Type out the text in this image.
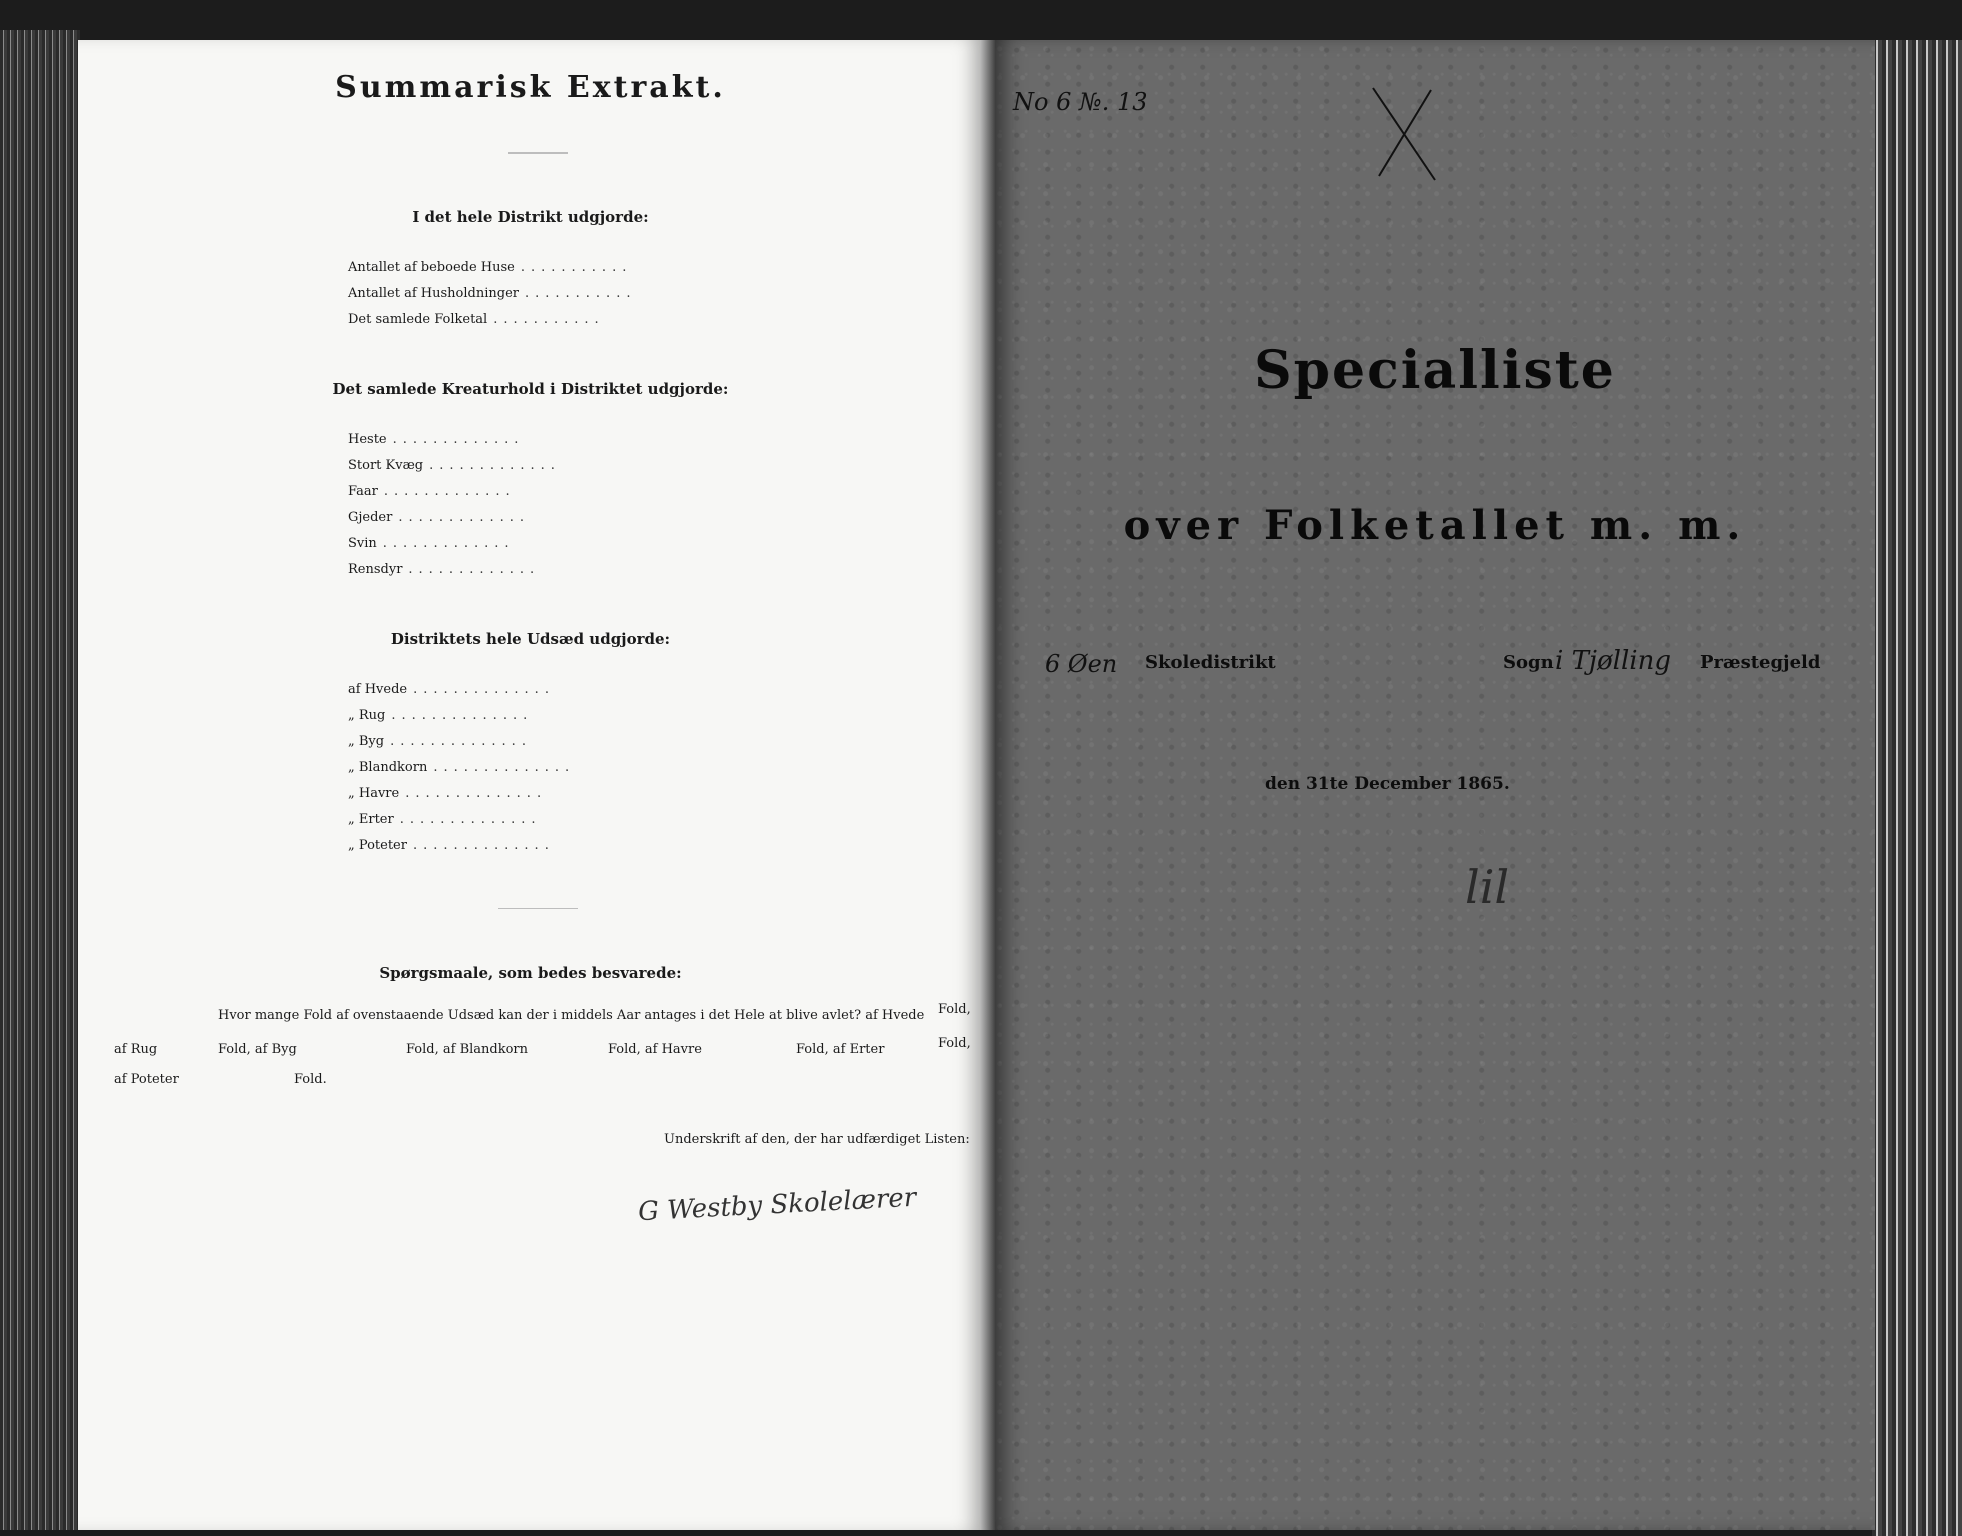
Summarisk Extrakt.
I det hele Distrikt udgjorde:
Antallet af beboede Huse ...........
Antallet af Husholdninger ...........
Det samlede Folketal ...........
Det samlede Kreaturhold i Distriktet udgjorde:
Heste .............
Stort Kvæg .............
Faar .............
Gjeder .............
Svin .............
Rensdyr .............
Distriktets hele Udsæd udgjorde:
af Hvede ..............
„ Rug ..............
„ Byg ..............
„ Blandkorn ..............
„ Havre ..............
„ Erter ..............
„ Poteter ..............
Spørgsmaale, som bedes besvarede:
Hvor mange Fold af ovenstaaende Udsæd kan der i middels Aar antages i det Hele at blive avlet? af Hvede Fold,
af Rug	Fold, af Byg	Fold, af Blandkorn	Fold, af Havre	Fold, af Erter	Fold,
af Poteter	Fold.
Underskrift af den, der har udfærdiget Listen:
G Westby Skolelærer
No 6 №. 13
Specialliste
over Folketallet m. m.
6 Øen Skoledistrikt	Sogn i Tjølling Præstegjeld
den 31te December 1865.
lil
